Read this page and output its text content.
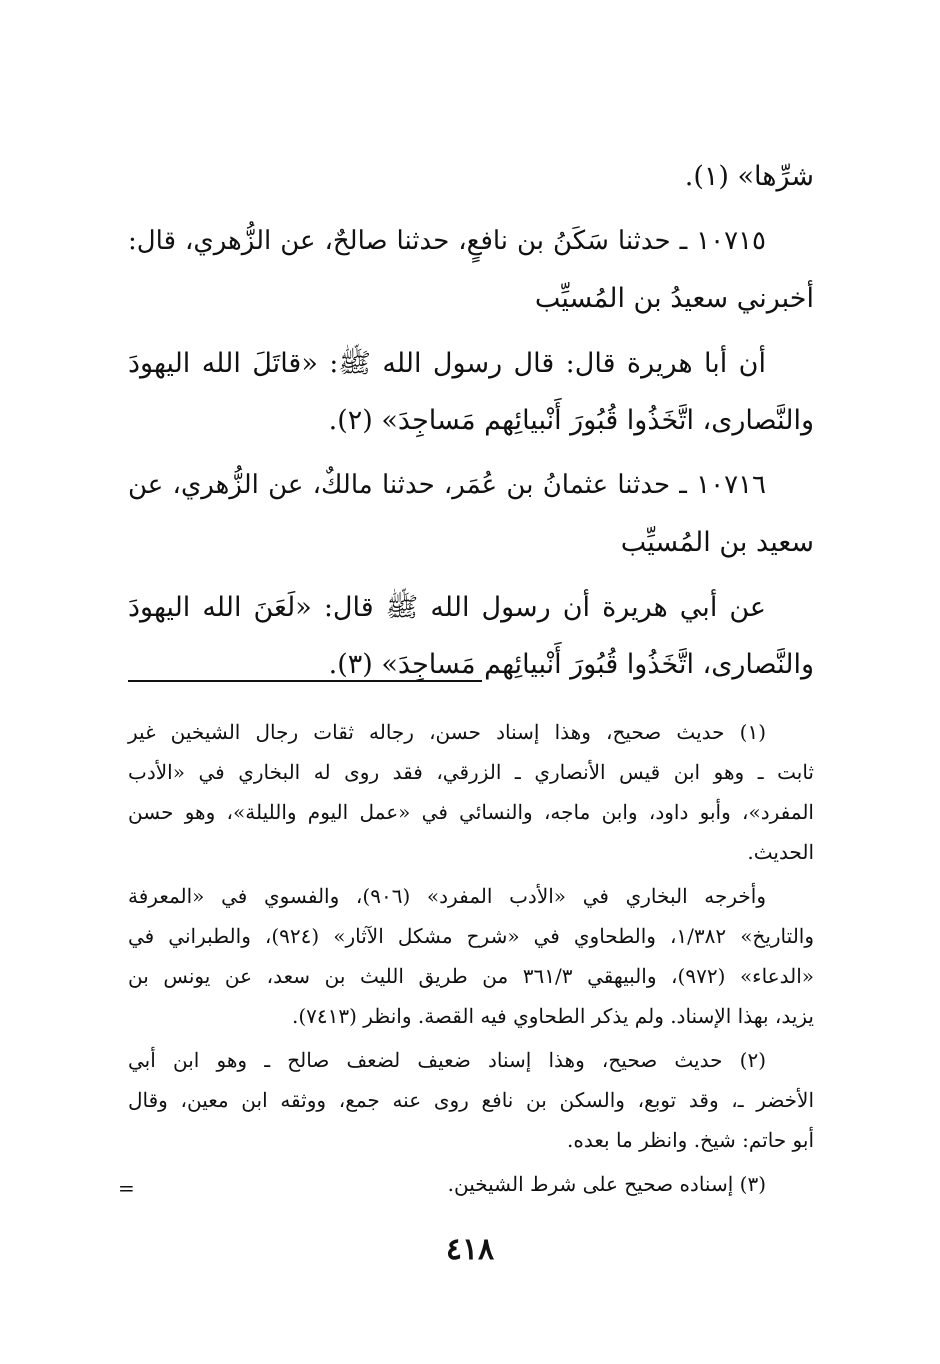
شرِّها» (١).
١٠٧١٥ ـ حدثنا سَكَنُ بن نافعٍ، حدثنا صالحٌ، عن الزُّهري، قال:
أخبرني سعيدُ بن المُسيِّب
أن أبا هريرة قال: قال رسول الله ﷺ: «قاتَلَ الله اليهودَ
والنَّصارى، اتَّخَذُوا قُبُورَ أَنْبيائِهم مَساجِدَ» (٢).
١٠٧١٦ ـ حدثنا عثمانُ بن عُمَر، حدثنا مالكٌ، عن الزُّهري، عن
سعيد بن المُسيِّب
عن أبي هريرة أن رسول الله ﷺ قال: «لَعَنَ الله اليهودَ
والنَّصارى، اتَّخَذُوا قُبُورَ أَنْبيائِهم مَساجِدَ» (٣).
(١) حديث صحيح، وهذا إسناد حسن، رجاله ثقات رجال الشيخين غير
ثابت ـ وهو ابن قيس الأنصاري ـ الزرقي، فقد روى له البخاري في «الأدب
المفرد»، وأبو داود، وابن ماجه، والنسائي في «عمل اليوم والليلة»، وهو حسن
الحديث.
وأخرجه البخاري في «الأدب المفرد» (٩٠٦)، والفسوي في «المعرفة
والتاريخ» ١/٣٨٢، والطحاوي في «شرح مشكل الآثار» (٩٢٤)، والطبراني في
«الدعاء» (٩٧٢)، والبيهقي ٣٦١/٣ من طريق الليث بن سعد، عن يونس بن
يزيد، بهذا الإسناد. ولم يذكر الطحاوي فيه القصة. وانظر (٧٤١٣).
(٢) حديث صحيح، وهذا إسناد ضعيف لضعف صالح ـ وهو ابن أبي
الأخضر ـ، وقد توبع، والسكن بن نافع روى عنه جمع، ووثقه ابن معين، وقال
أبو حاتم: شيخ. وانظر ما بعده.
(٣) إسناده صحيح على شرط الشيخين.
=
٤١٨
